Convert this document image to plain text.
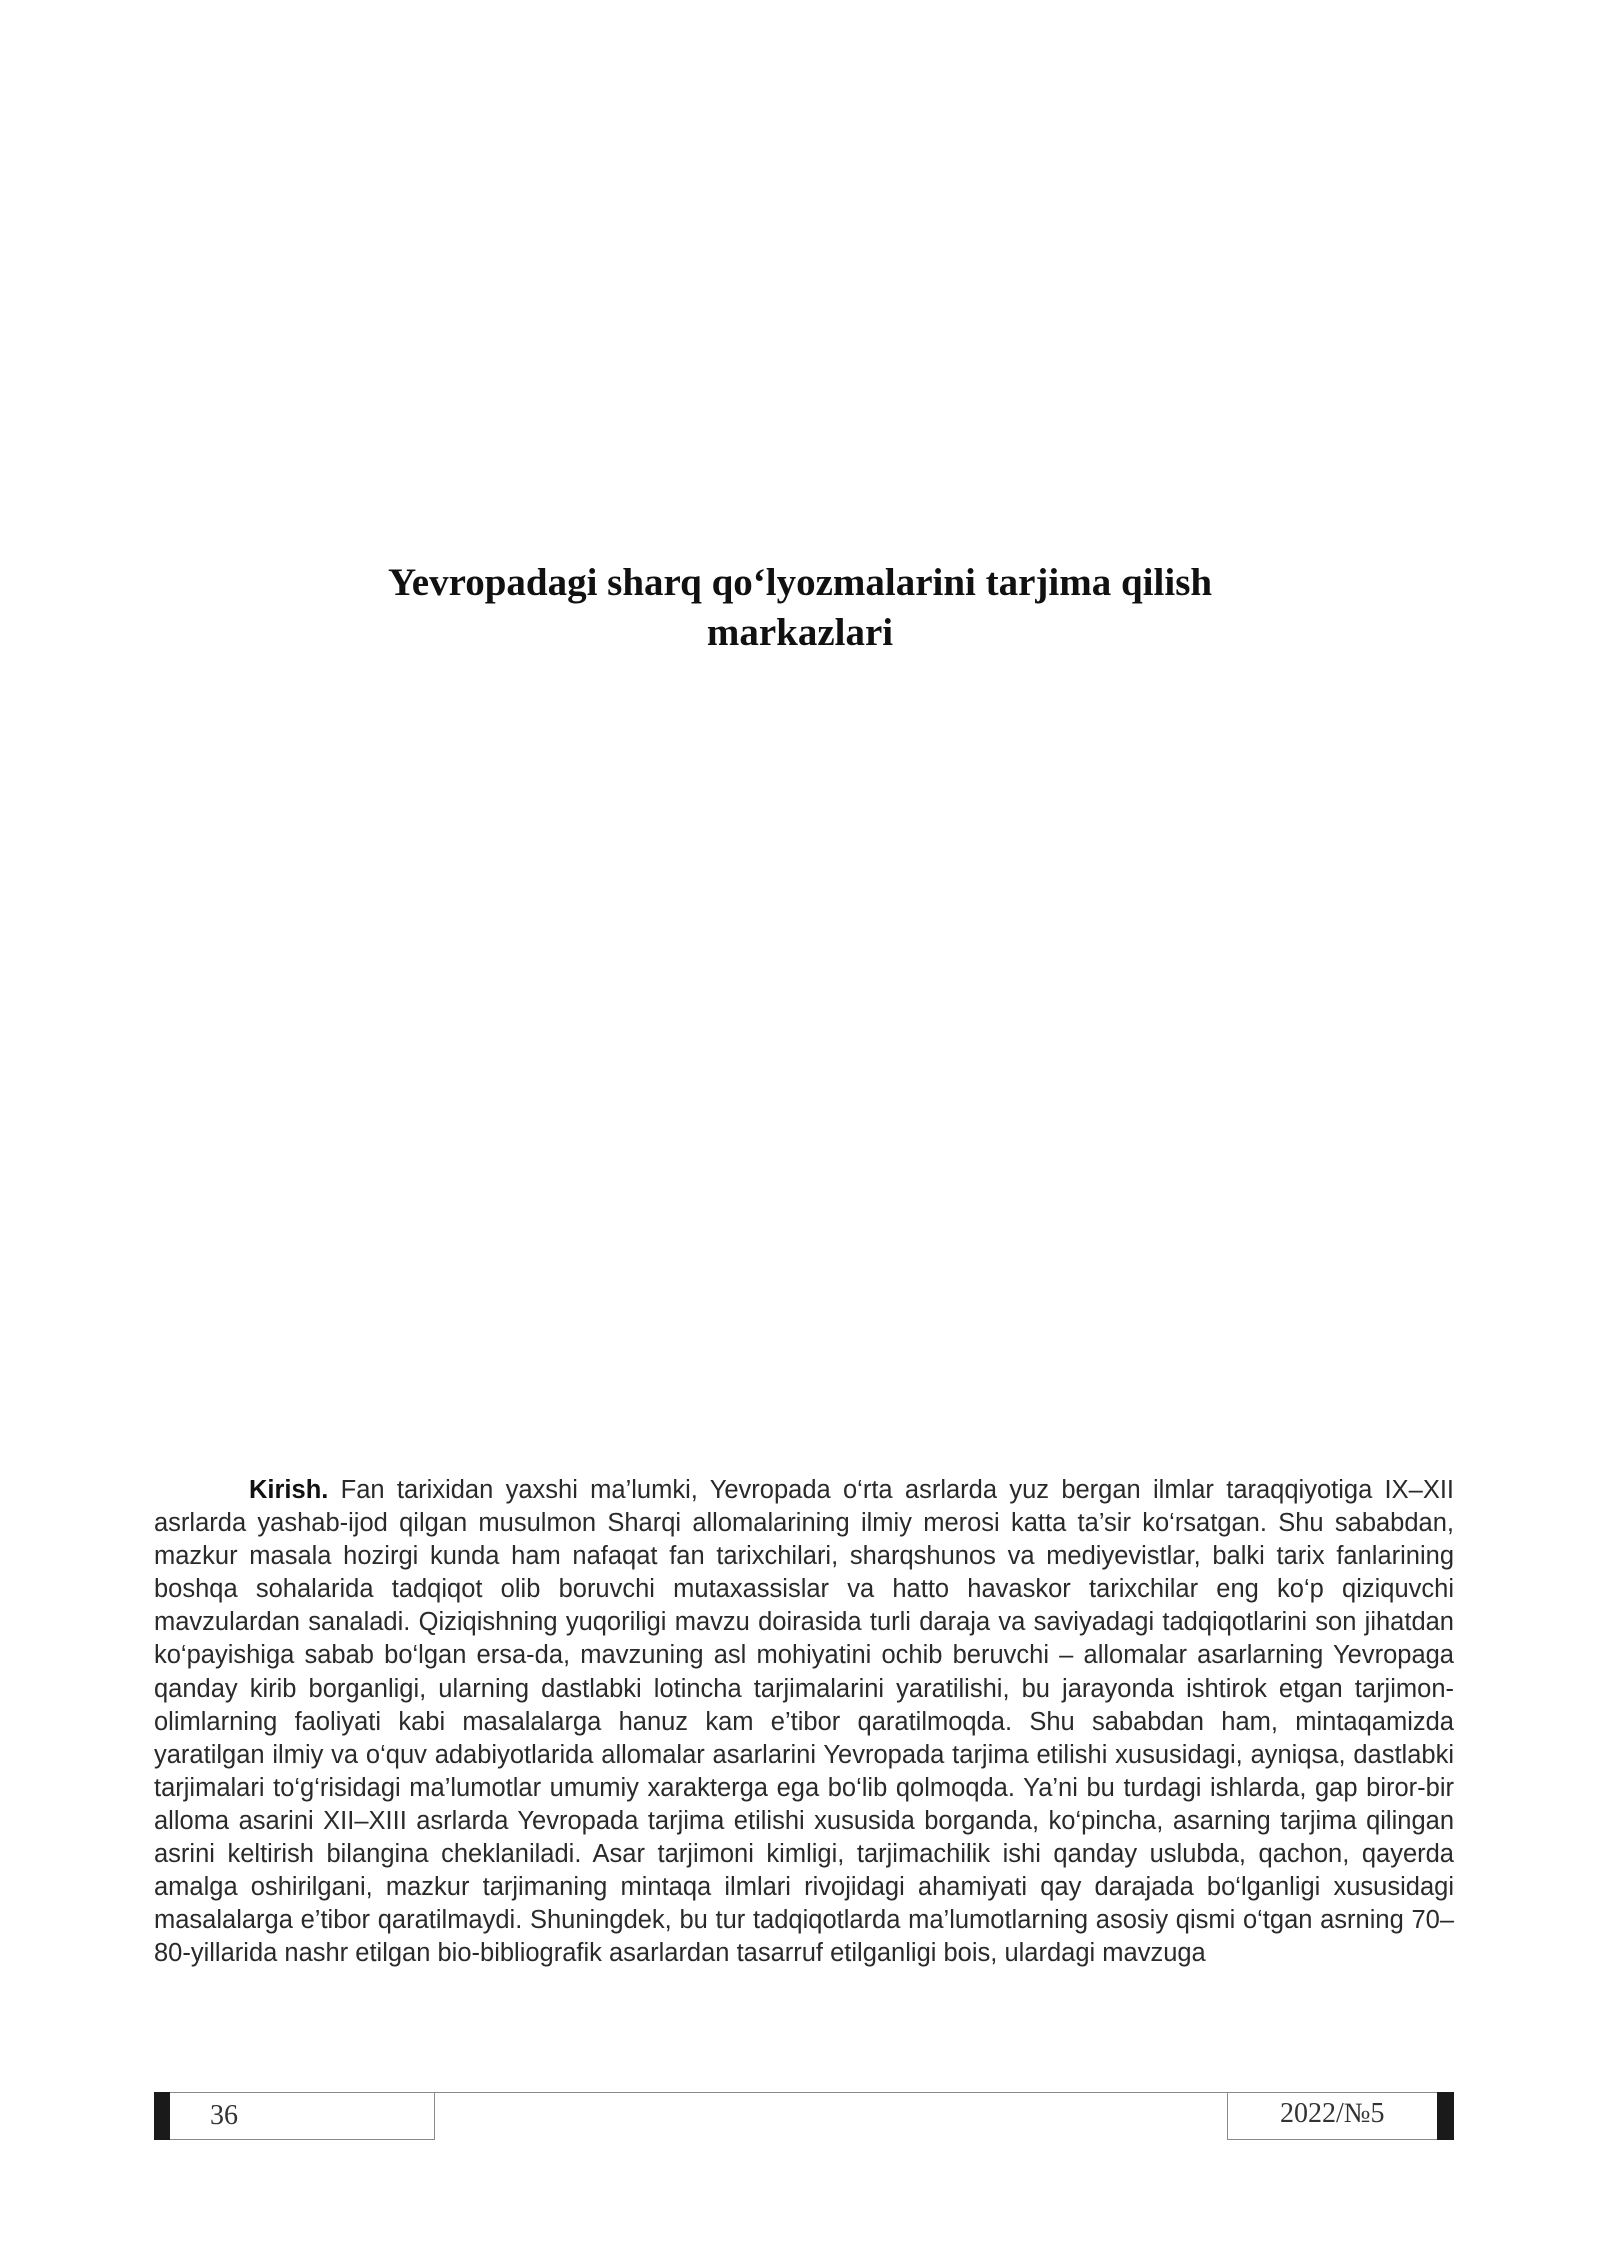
Yevropadagi sharq qo‘lyozmalarini tarjima qilish
markazlari

Kirish. Fan tarixidan yaxshi ma’lumki, Yevropada o‘rta asrlarda yuz bergan ilmlar taraqqiyotiga IX–XII asrlarda yashab-ijod qilgan musulmon Sharqi allomalarining ilmiy merosi katta ta’sir ko‘rsatgan. Shu sababdan, mazkur masala hozirgi kunda ham nafaqat fan tarixchilari, sharqshunos va mediyevistlar, balki tarix fanlarining boshqa sohalarida tadqiqot olib boruvchi mutaxassislar va hatto havaskor tarixchilar eng ko‘p qiziquvchi mavzulardan sanaladi. Qiziqishning yuqoriligi mavzu doirasida turli daraja va saviyadagi tadqiqotlarini son jihatdan ko‘payishiga sabab bo‘lgan ersa-da, mavzuning asl mohiyatini ochib beruvchi – allomalar asarlarning Yevropaga qanday kirib borganligi, ularning dastlabki lotincha tarjimalarini yaratilishi, bu jarayonda ishtirok etgan tarjimon-olimlarning faoliyati kabi masalalarga hanuz kam e’tibor qaratilmoqda. Shu sababdan ham, mintaqamizda yaratilgan ilmiy va o‘quv adabiyotlarida allomalar asarlarini Yevropada tarjima etilishi xususidagi, ayniqsa, dastlabki tarjimalari to‘g‘risidagi ma’lumotlar umumiy xarakterga ega bo‘lib qolmoqda. Ya’ni bu turdagi ishlarda, gap biror-bir alloma asarini XII–XIII asrlarda Yevropada tarjima etilishi xususida borganda, ko‘pincha, asarning tarjima qilingan asrini keltirish bilangina cheklaniladi. Asar tarjimoni kimligi, tarjimachilik ishi qanday uslubda, qachon, qayerda amalga oshirilgani, mazkur tarjimaning mintaqa ilmlari rivojidagi ahamiyati qay darajada bo‘lganligi xususidagi masalalarga e’tibor qaratilmaydi. Shuningdek, bu tur tadqiqotlarda ma’lumotlarning asosiy qismi o‘tgan asrning 70–80-yillarida nashr etilgan bio-bibliografik asarlardan tasarruf etilganligi bois, ulardagi mavzuga

36	2022/№5
